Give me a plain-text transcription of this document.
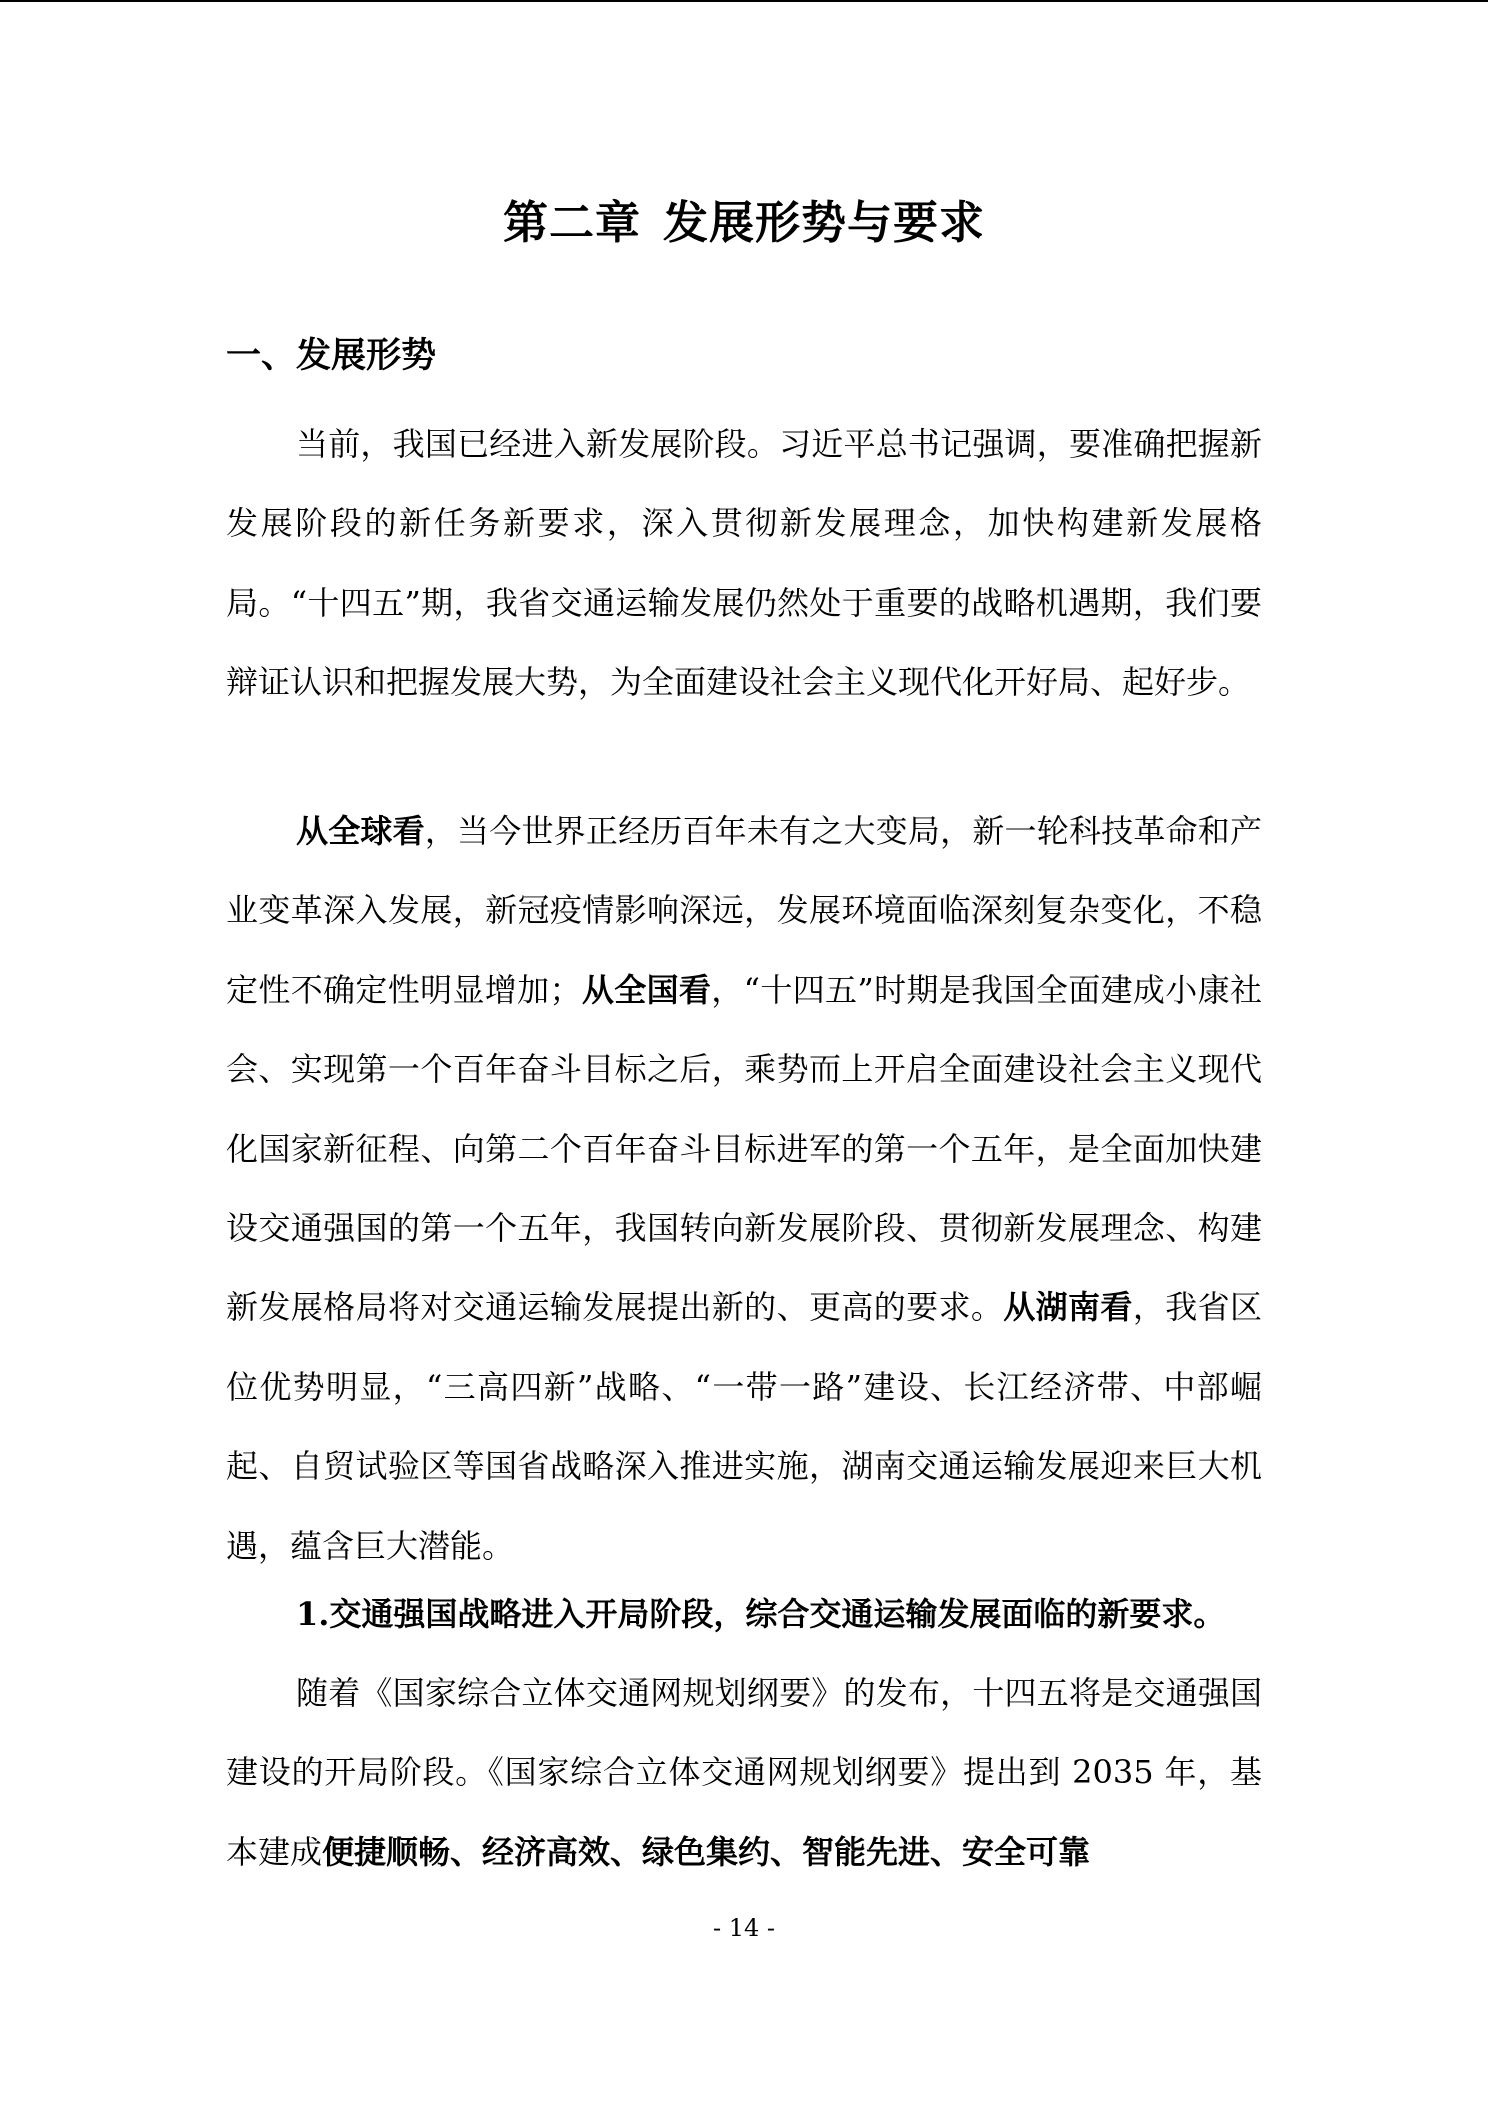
第二章 发展形势与要求
一、发展形势

当前，我国已经进入新发展阶段。习近平总书记强调，要准确把握新发展阶段的新任务新要求，深入贯彻新发展理念，加快构建新发展格局。“十四五”期，我省交通运输发展仍然处于重要的战略机遇期，我们要辩证认识和把握发展大势，为全面建设社会主义现代化开好局、起好步。

从全球看，当今世界正经历百年未有之大变局，新一轮科技革命和产业变革深入发展，新冠疫情影响深远，发展环境面临深刻复杂变化，不稳定性不确定性明显增加；从全国看，“十四五”时期是我国全面建成小康社会、实现第一个百年奋斗目标之后，乘势而上开启全面建设社会主义现代化国家新征程、向第二个百年奋斗目标进军的第一个五年，是全面加快建设交通强国的第一个五年，我国转向新发展阶段、贯彻新发展理念、构建新发展格局将对交通运输发展提出新的、更高的要求。从湖南看，我省区位优势明显，“三高四新”战略、“一带一路”建设、长江经济带、中部崛起、自贸试验区等国省战略深入推进实施，湖南交通运输发展迎来巨大机遇，蕴含巨大潜能。

1.交通强国战略进入开局阶段，综合交通运输发展面临的新要求。

随着《国家综合立体交通网规划纲要》的发布，十四五将是交通强国建设的开局阶段。《国家综合立体交通网规划纲要》提出到 2035 年，基本建成便捷顺畅、经济高效、绿色集约、智能先进、安全可靠

- 14 -
